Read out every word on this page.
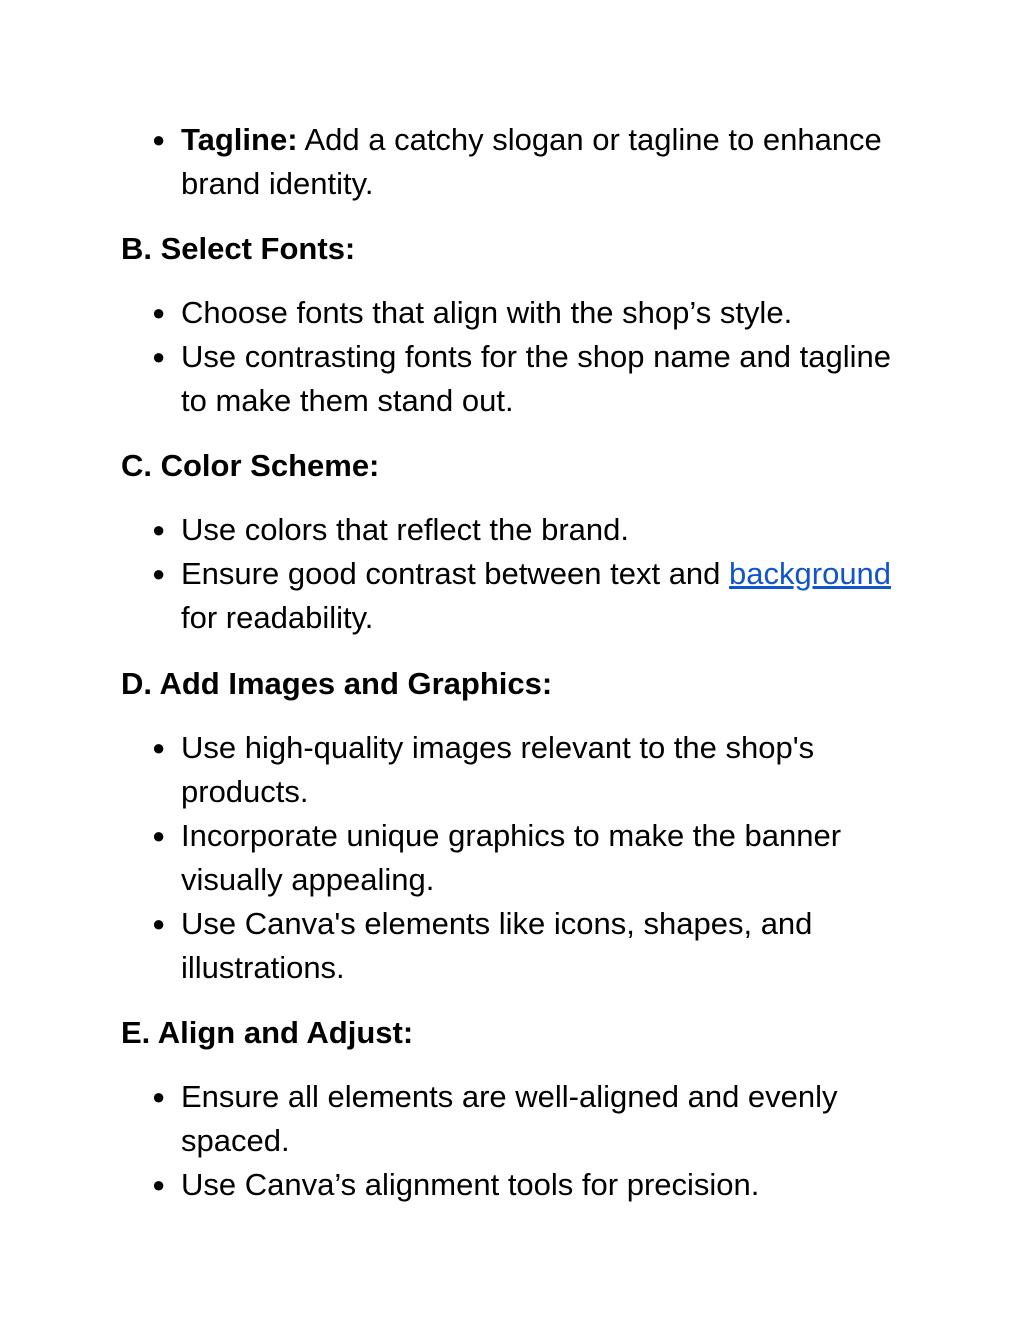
● Tagline: Add a catchy slogan or tagline to enhance brand identity.
B. Select Fonts:
● Choose fonts that align with the shop’s style.
● Use contrasting fonts for the shop name and tagline to make them stand out.
C. Color Scheme:
● Use colors that reflect the brand.
● Ensure good contrast between text and background for readability.
D. Add Images and Graphics:
● Use high-quality images relevant to the shop's products.
● Incorporate unique graphics to make the banner visually appealing.
● Use Canva's elements like icons, shapes, and illustrations.
E. Align and Adjust:
● Ensure all elements are well-aligned and evenly spaced.
● Use Canva’s alignment tools for precision.
